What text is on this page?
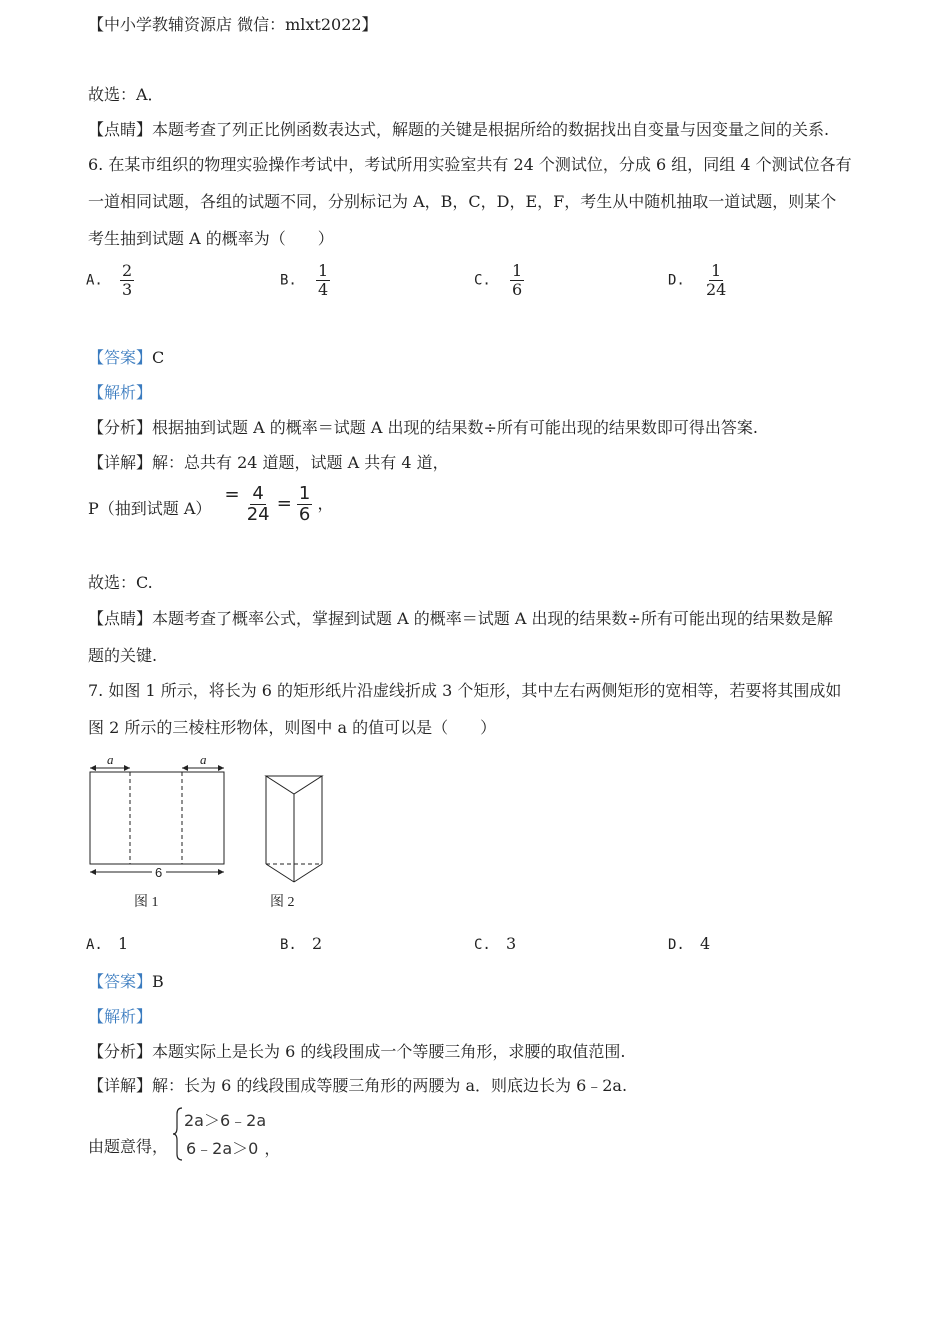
【中小学教辅资源店 微信：mlxt2022】
故选：A．
【点睛】本题考查了列正比例函数表达式，解题的关键是根据所给的数据找出自变量与因变量之间的关系.
6. 在某市组织的物理实验操作考试中，考试所用实验室共有 24 个测试位，分成 6 组，同组 4 个测试位各有
一道相同试题，各组的试题不同，分别标记为 A，B，C，D，E，F，考生从中随机抽取一道试题，则某个
考生抽到试题 A 的概率为（　　）
A. $\frac{2}{3}$	B. $\frac{1}{4}$	C. $\frac{1}{6}$	D. $\frac{1}{24}$
【答案】C
【解析】
【分析】根据抽到试题 A 的概率＝试题 A 出现的结果数÷所有可能出现的结果数即可得出答案.
【详解】解：总共有 24 道题，试题 A 共有 4 道，
P（抽到试题 $A) = \frac{4}{24} = \frac{1}{6}$ ，
故选：C.
【点睛】本题考查了概率公式，掌握到试题 A 的概率＝试题 A 出现的结果数÷所有可能出现的结果数是解
题的关键.
7. 如图 1 所示，将长为 6 的矩形纸片沿虚线折成 3 个矩形，其中左右两侧矩形的宽相等，若要将其围成如
图 2 所示的三棱柱形物体，则图中 a 的值可以是（　　）
a	a
6
图 1	图 2
A. 1	B. 2	C. 3	D. 4
【答案】B
【解析】
【分析】本题实际上是长为 6 的线段围成一个等腰三角形，求腰的取值范围.
【详解】解：长为 6 的线段围成等腰三角形的两腰为 a．则底边长为 6﹣2a.
由题意得，
2a＞6﹣2a
6﹣2a＞0 ，
